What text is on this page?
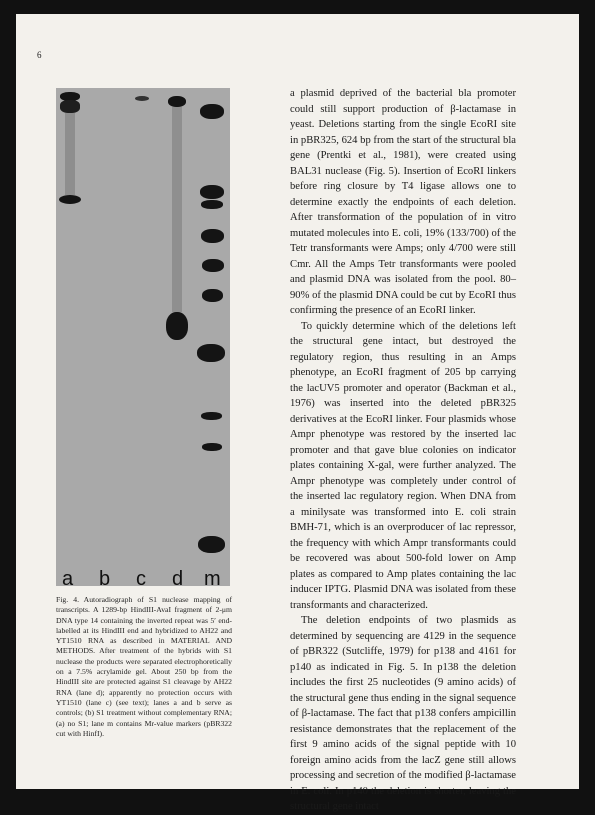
6
a b c d m
Fig. 4. Autoradiograph of S1 nuclease mapping of transcripts. A 1289-bp HindIII-AvaI fragment of 2-μm DNA type 14 containing the inverted repeat was 5′ end-labelled at its HindIII end and hybridized to AH22 and YT1510 RNA as described in MATERIAL AND METHODS. After treatment of the hybrids with S1 nuclease the products were separated electrophoretically on a 7.5% acrylamide gel. About 250 bp from the HindIII site are protected against S1 cleavage by AH22 RNA (lane d); apparently no protection occurs with YT1510 (lane c) (see text); lanes a and b serve as controls; (b) S1 treatment without complementary RNA; (a) no S1; lane m contains Mr-value markers (pBR322 cut with HinfI).

a plasmid deprived of the bacterial bla promoter could still support production of β-lactamase in yeast. Deletions starting from the single EcoRI site in pBR325, 624 bp from the start of the structural bla gene (Prentki et al., 1981), were created using BAL31 nuclease (Fig. 5). Insertion of EcoRI linkers before ring closure by T4 ligase allows one to determine exactly the endpoints of each deletion. After transformation of the population of in vitro mutated molecules into E. coli, 19% (133/700) of the Tetr transformants were Amps; only 4/700 were still Cmr. All the Amps Tetr transformants were pooled and plasmid DNA was isolated from the pool. 80–90% of the plasmid DNA could be cut by EcoRI thus confirming the presence of an EcoRI linker.

To quickly determine which of the deletions left the structural gene intact, but destroyed the regulatory region, thus resulting in an Amps phenotype, an EcoRI fragment of 205 bp carrying the lacUV5 promoter and operator (Backman et al., 1976) was inserted into the deleted pBR325 derivatives at the EcoRI linker. Four plasmids whose Ampr phenotype was restored by the inserted lac promoter and that gave blue colonies on indicator plates containing X-gal, were further analyzed. The Ampr phenotype was completely under control of the inserted lac regulatory region. When DNA from a minilysate was transformed into E. coli strain BMH-71, which is an overproducer of lac repressor, the frequency with which Ampr transformants could be recovered was about 500-fold lower on Amp plates as compared to Amp plates containing the lac inducer IPTG. Plasmid DNA was isolated from these transformants and characterized.

The deletion endpoints of two plasmids as determined by sequencing are 4129 in the sequence of pBR322 (Sutcliffe, 1979) for p138 and 4161 for p140 as indicated in Fig. 5. In p138 the deletion includes the first 25 nucleotides (9 amino acids) of the structural gene thus ending in the signal sequence of β-lactamase. The fact that p138 confers ampicillin resistance demonstrates that the replacement of the first 9 amino acids of the signal peptide with 10 foreign amino acids from the lacZ gene still allows processing and secretion of the modified β-lactamase in E. coli. In p140 the deletion is shorter, leaving the structural gene intact
